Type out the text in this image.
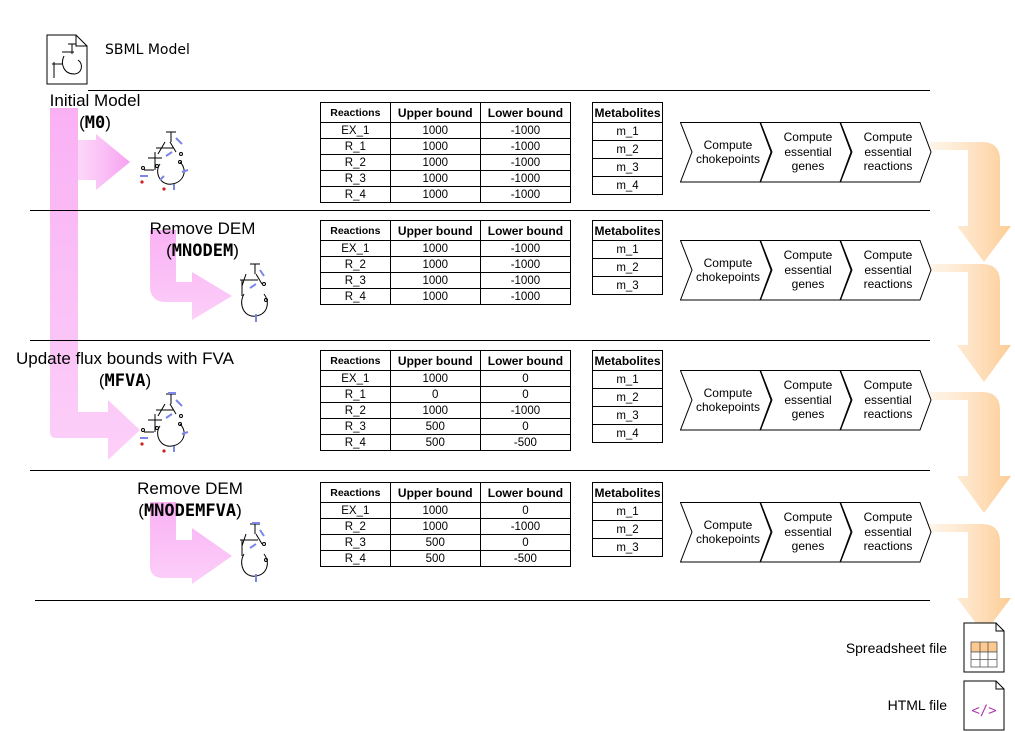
SBML Model
Initial Model
(M0)
Remove DEM
(MNODEM)
Update flux bounds with FVA
(MFVA)
Remove DEM
(MNODEMFVA)
Reactions	Upper bound	Lower bound
EX_1	1000	-1000
R_1	1000	-1000
R_2	1000	-1000
R_3	1000	-1000
R_4	1000	-1000
Reactions	Upper bound	Lower bound
EX_1	1000	-1000
R_2	1000	-1000
R_3	1000	-1000
R_4	1000	-1000
Reactions	Upper bound	Lower bound
EX_1	1000	0
R_1	0	0
R_2	1000	-1000
R_3	500	0
R_4	500	-500
Reactions	Upper bound	Lower bound
EX_1	1000	0
R_2	1000	-1000
R_3	500	0
R_4	500	-500
Metabolites
m_1
m_2
m_3
m_4
Metabolites
m_1
m_2
m_3
Metabolites
m_1
m_2
m_3
m_4
Metabolites
m_1
m_2
m_3
Compute chokepoints
Compute essential genes
Compute essential reactions
Compute chokepoints
Compute essential genes
Compute essential reactions
Compute chokepoints
Compute essential genes
Compute essential reactions
Compute chokepoints
Compute essential genes
Compute essential reactions
Spreadsheet file
HTML file	</>
